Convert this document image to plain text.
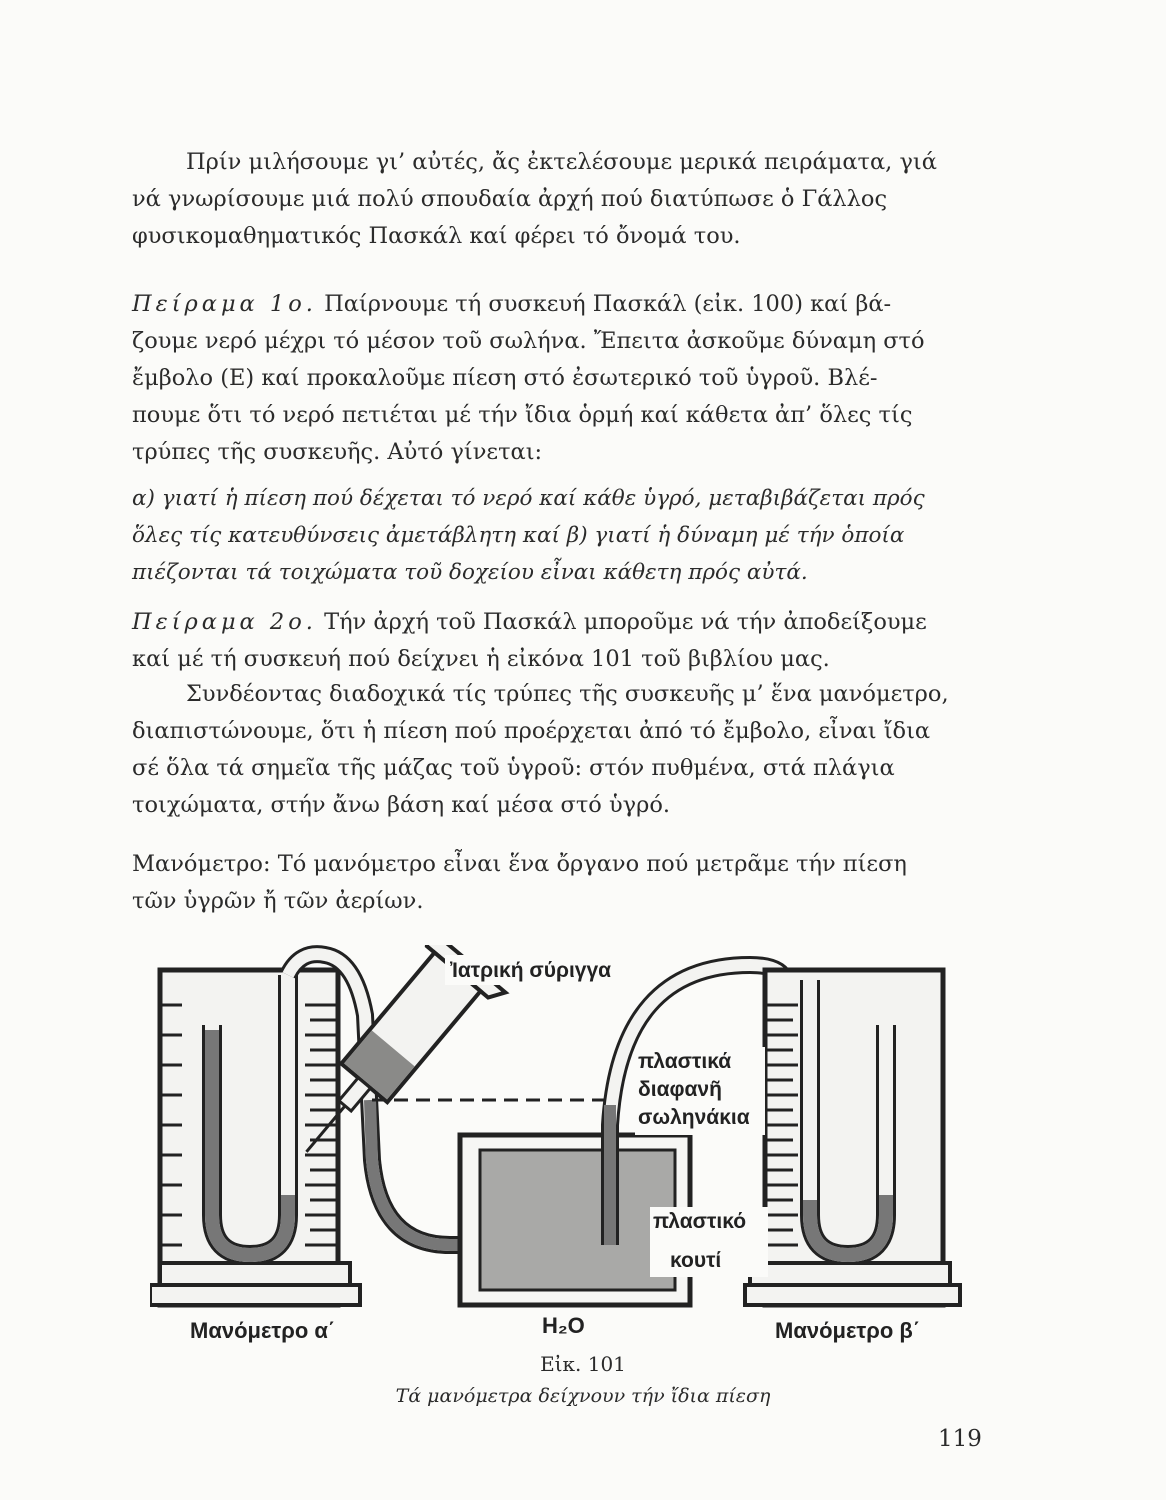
Πρίν μιλήσουμε γι’ αὐτές, ἄς ἐκτελέσουμε μερικά πειράματα, γιά
νά γνωρίσουμε μιά πολύ σπουδαία ἀρχή πού διατύπωσε ὁ Γάλλος
φυσικομαθηματικός Πασκάλ καί φέρει τό ὄνομά του.

Πείραμα 1ο. Παίρνουμε τή συσκευή Πασκάλ (εἰκ. 100) καί βά-
ζουμε νερό μέχρι τό μέσον τοῦ σωλήνα. Ἔπειτα ἀσκοῦμε δύναμη στό
ἔμβολο (Ε) καί προκαλοῦμε πίεση στό ἐσωτερικό τοῦ ὑγροῦ. Βλέ-
πουμε ὅτι τό νερό πετιέται μέ τήν ἴδια ὁρμή καί κάθετα ἀπ’ ὅλες τίς
τρύπες τῆς συσκευῆς. Αὐτό γίνεται:

α) γιατί ἡ πίεση πού δέχεται τό νερό καί κάθε ὑγρό, μεταβιβάζεται πρός
ὅλες τίς κατευθύνσεις ἀμετάβλητη καί β) γιατί ἡ δύναμη μέ τήν ὁποία
πιέζονται τά τοιχώματα τοῦ δοχείου εἶναι κάθετη πρός αὐτά.

Πείραμα 2ο. Τήν ἀρχή τοῦ Πασκάλ μποροῦμε νά τήν ἀποδείξουμε
καί μέ τή συσκευή πού δείχνει ἡ εἰκόνα 101 τοῦ βιβλίου μας.

Συνδέοντας διαδοχικά τίς τρύπες τῆς συσκευῆς μ’ ἕνα μανόμετρο,
διαπιστώνουμε, ὅτι ἡ πίεση πού προέρχεται ἀπό τό ἔμβολο, εἶναι ἴδια
σέ ὅλα τά σημεῖα τῆς μάζας τοῦ ὑγροῦ: στόν πυθμένα, στά πλάγια
τοιχώματα, στήν ἄνω βάση καί μέσα στό ὑγρό.

Μανόμετρο: Τό μανόμετρο εἶναι ἕνα ὄργανο πού μετρᾶμε τήν πίεση
τῶν ὑγρῶν ἤ τῶν ἀερίων.

Ἰατρική σύριγγα
πλαστικά
διαφανῆ
σωληνάκια
πλαστικό
κουτί
Μανόμετρο α΄	H₂O	Μανόμετρο β΄
Εἰκ. 101
Τά μανόμετρα δείχνουν τήν ἴδια πίεση
119
